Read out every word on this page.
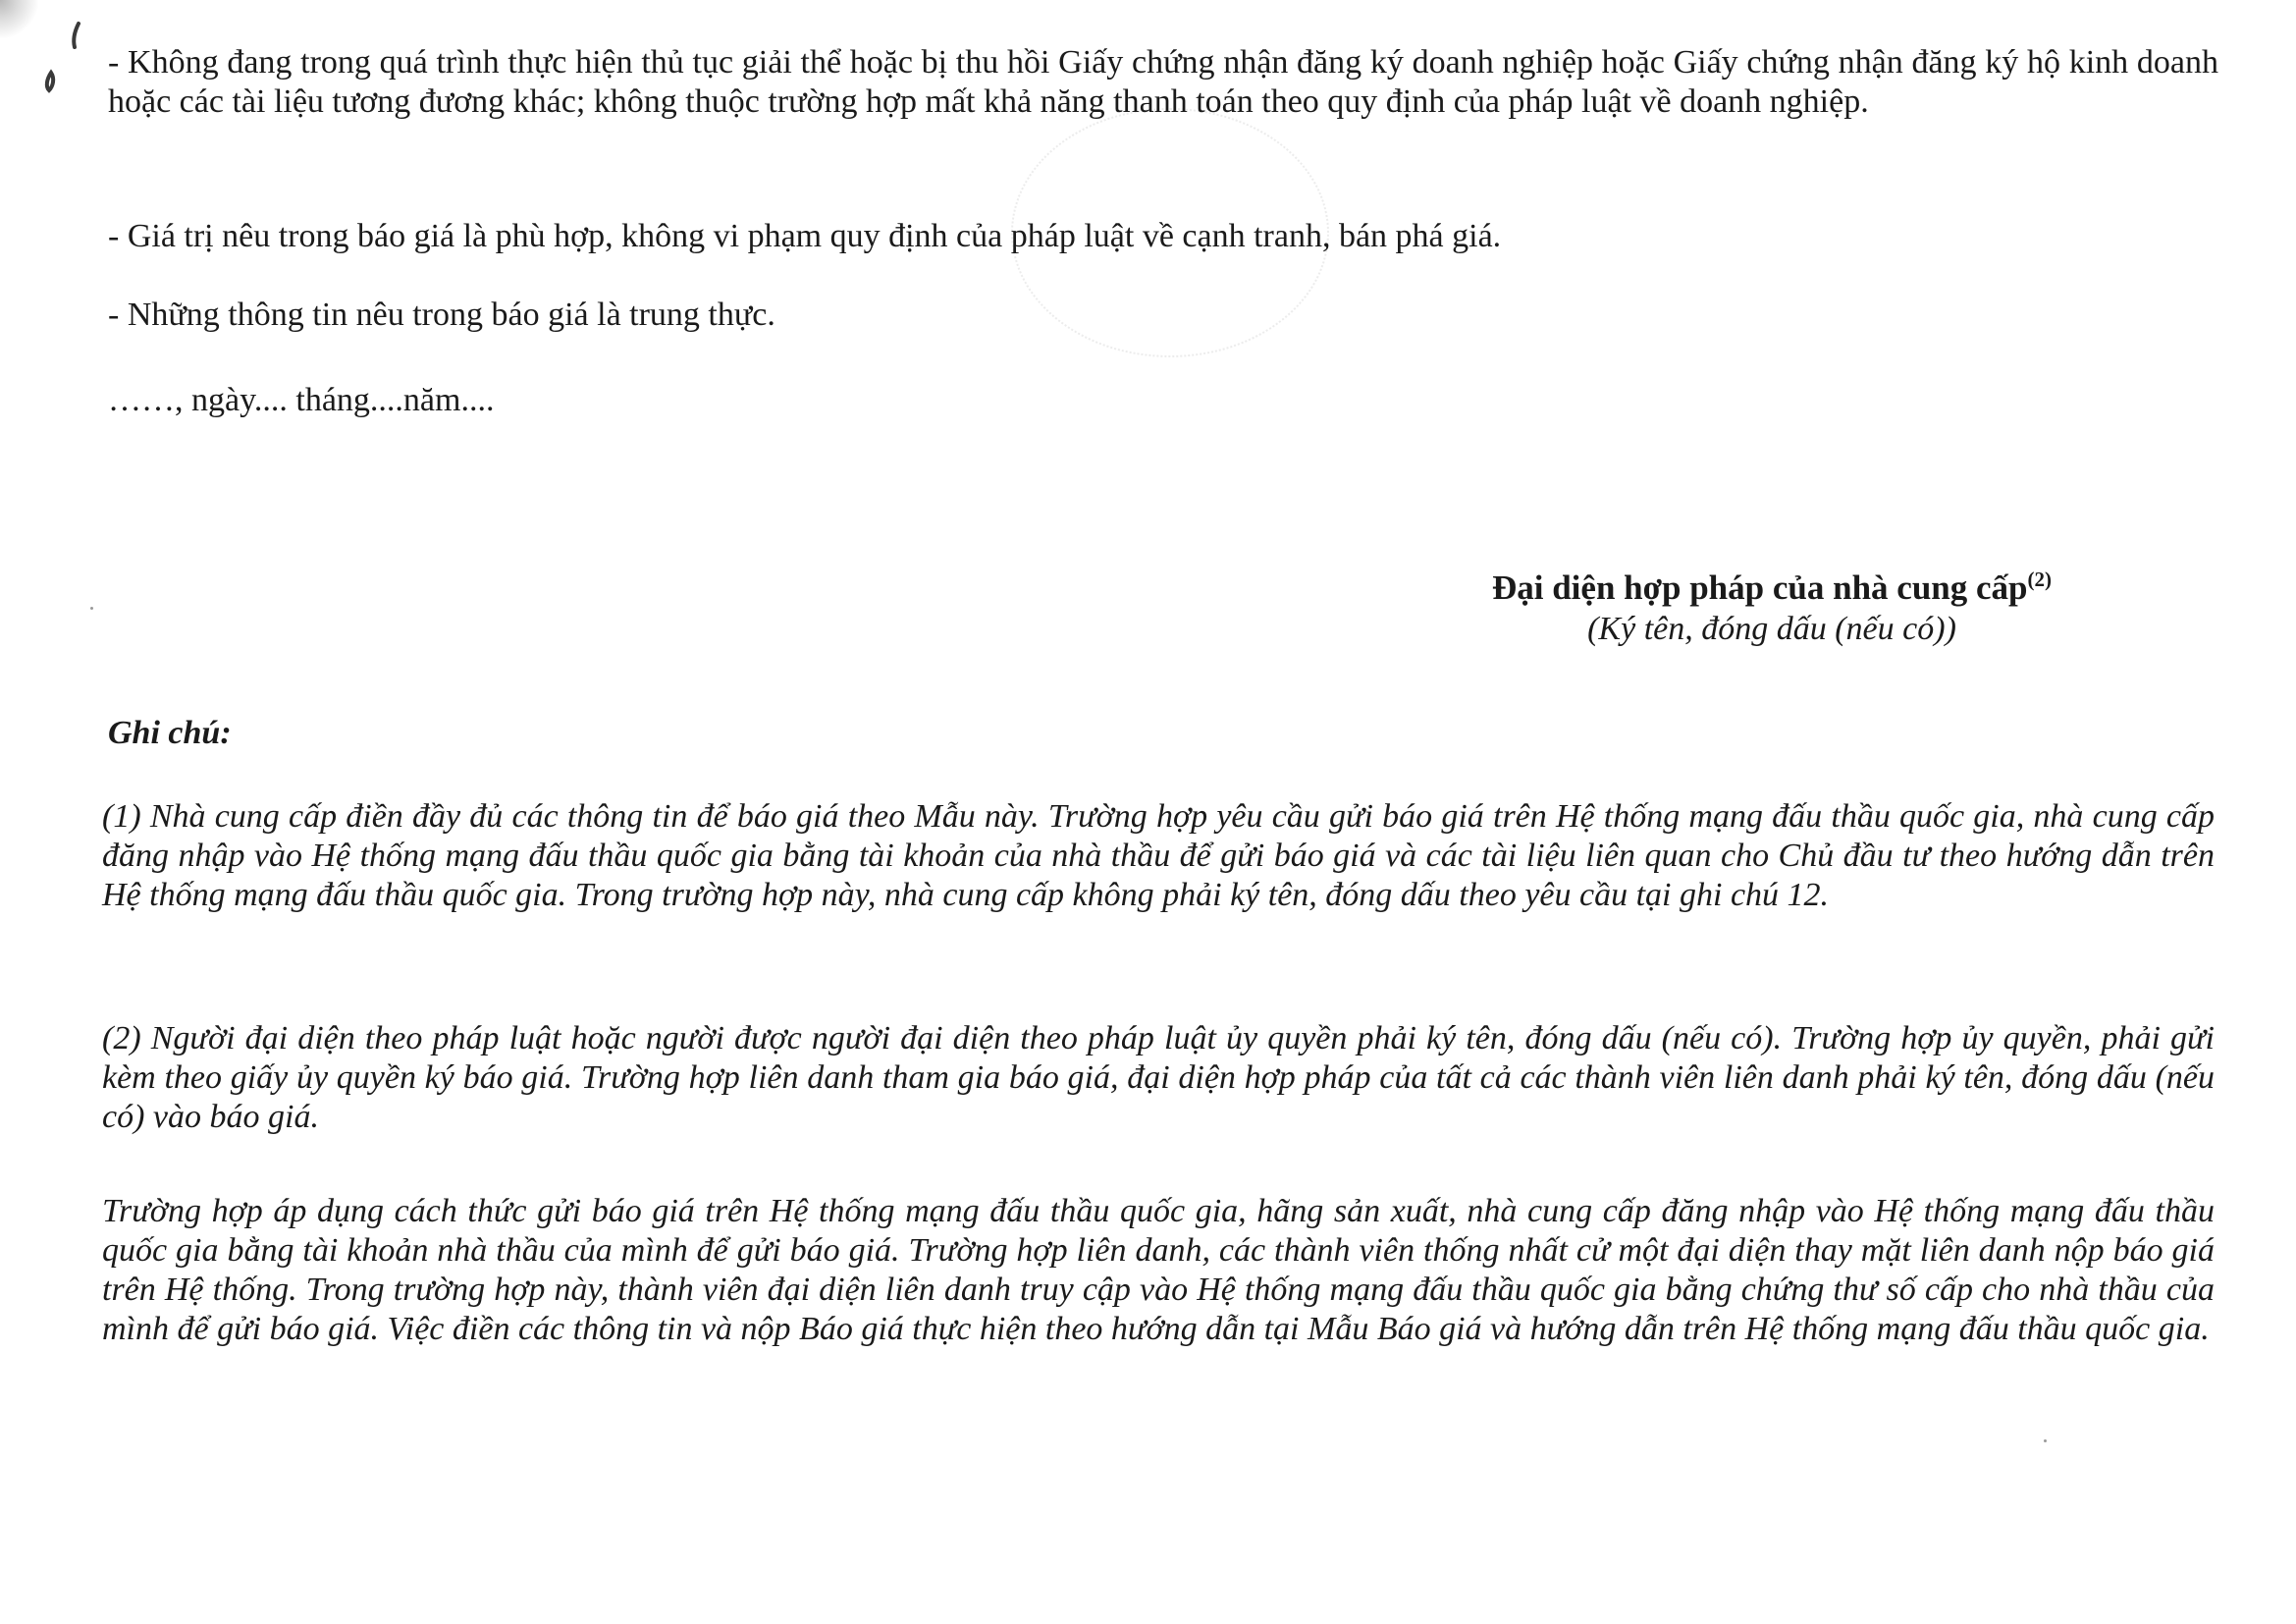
- Không đang trong quá trình thực hiện thủ tục giải thể hoặc bị thu hồi Giấy chứng nhận đăng ký doanh nghiệp hoặc Giấy chứng nhận đăng ký hộ kinh doanh hoặc các tài liệu tương đương khác; không thuộc trường hợp mất khả năng thanh toán theo quy định của pháp luật về doanh nghiệp.
- Giá trị nêu trong báo giá là phù hợp, không vi phạm quy định của pháp luật về cạnh tranh, bán phá giá.
- Những thông tin nêu trong báo giá là trung thực.
……, ngày.... tháng....năm....
Đại diện hợp pháp của nhà cung cấp$^{(2)}$
(Ký tên, đóng dấu (nếu có))
Ghi chú:
(1) Nhà cung cấp điền đầy đủ các thông tin để báo giá theo Mẫu này. Trường hợp yêu cầu gửi báo giá trên Hệ thống mạng đấu thầu quốc gia, nhà cung cấp đăng nhập vào Hệ thống mạng đấu thầu quốc gia bằng tài khoản của nhà thầu để gửi báo giá và các tài liệu liên quan cho Chủ đầu tư theo hướng dẫn trên Hệ thống mạng đấu thầu quốc gia. Trong trường hợp này, nhà cung cấp không phải ký tên, đóng dấu theo yêu cầu tại ghi chú 12.
(2) Người đại diện theo pháp luật hoặc người được người đại diện theo pháp luật ủy quyền phải ký tên, đóng dấu (nếu có). Trường hợp ủy quyền, phải gửi kèm theo giấy ủy quyền ký báo giá. Trường hợp liên danh tham gia báo giá, đại diện hợp pháp của tất cả các thành viên liên danh phải ký tên, đóng dấu (nếu có) vào báo giá.
Trường hợp áp dụng cách thức gửi báo giá trên Hệ thống mạng đấu thầu quốc gia, hãng sản xuất, nhà cung cấp đăng nhập vào Hệ thống mạng đấu thầu quốc gia bằng tài khoản nhà thầu của mình để gửi báo giá. Trường hợp liên danh, các thành viên thống nhất cử một đại diện thay mặt liên danh nộp báo giá trên Hệ thống. Trong trường hợp này, thành viên đại diện liên danh truy cập vào Hệ thống mạng đấu thầu quốc gia bằng chứng thư số cấp cho nhà thầu của mình để gửi báo giá. Việc điền các thông tin và nộp Báo giá thực hiện theo hướng dẫn tại Mẫu Báo giá và hướng dẫn trên Hệ thống mạng đấu thầu quốc gia.
